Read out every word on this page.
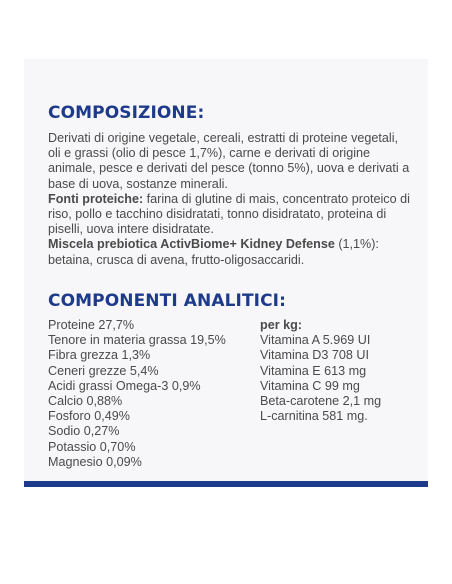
COMPOSIZIONE:

Derivati di origine vegetale, cereali, estratti di proteine vegetali, oli e grassi (olio di pesce 1,7%), carne e derivati di origine animale, pesce e derivati del pesce (tonno 5%), uova e derivati a base di uova, sostanze minerali.

Fonti proteiche: farina di glutine di mais, concentrato proteico di riso, pollo e tacchino disidratati, tonno disidratato, proteina di piselli, uova intere disidratate.

Miscela prebiotica ActivBiome+ Kidney Defense (1,1%): betaina, crusca di avena, frutto-oligosaccaridi.

COMPONENTI ANALITICI:
Proteine 27,7%
Tenore in materia grassa 19,5%
Fibra grezza 1,3%
Ceneri grezze 5,4%
Acidi grassi Omega-3 0,9%
Calcio 0,88%
Fosforo 0,49%
Sodio 0,27%
Potassio 0,70%
Magnesio 0,09%
per kg:
Vitamina A 5.969 UI
Vitamina D3 708 UI
Vitamina E 613 mg
Vitamina C 99 mg
Beta-carotene 2,1 mg
L-carnitina 581 mg.
